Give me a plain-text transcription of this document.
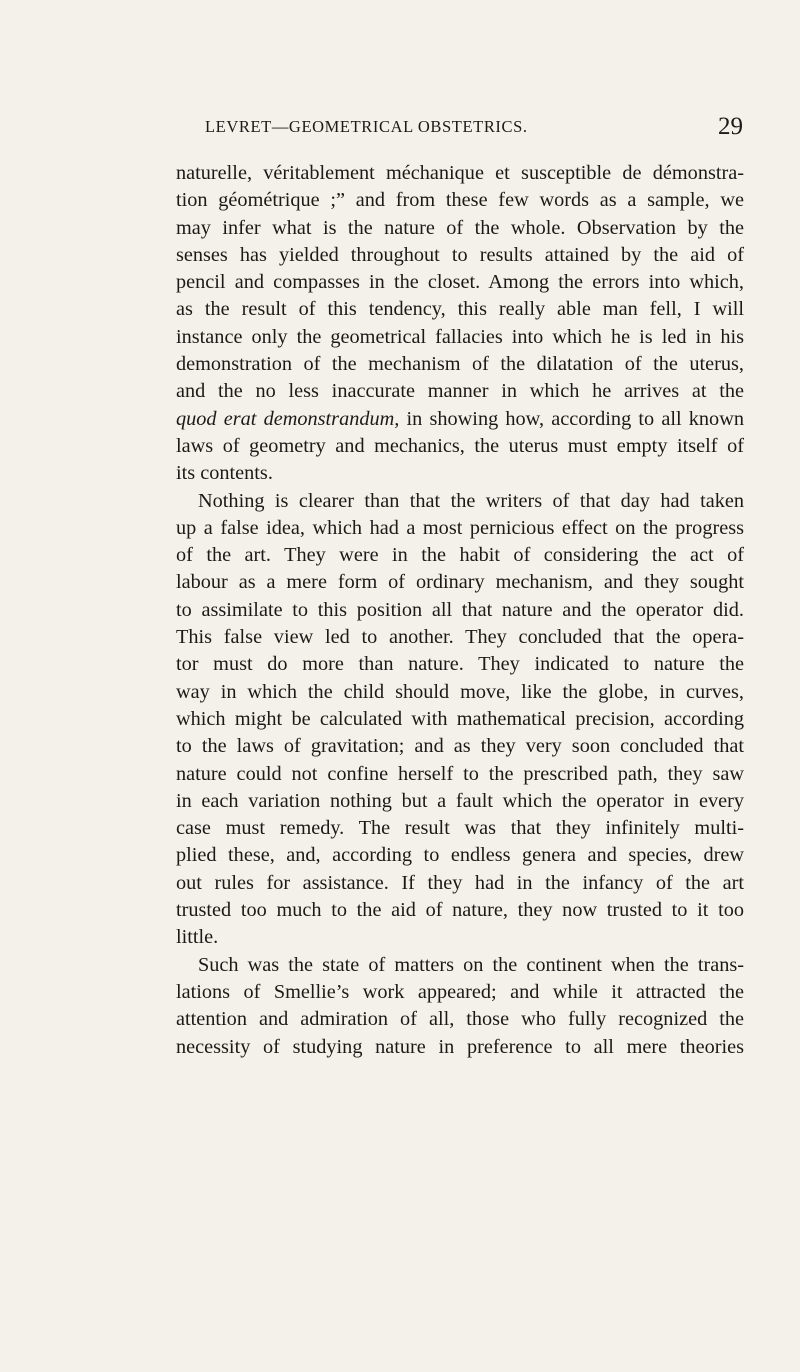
LEVRET—GEOMETRICAL OBSTETRICS.	29
naturelle, véritablement méchanique et susceptible de démonstra-
tion géométrique ;” and from these few words as a sample, we
may infer what is the nature of the whole. Observation by the
senses has yielded throughout to results attained by the aid of
pencil and compasses in the closet. Among the errors into which,
as the result of this tendency, this really able man fell, I will
instance only the geometrical fallacies into which he is led in his
demonstration of the mechanism of the dilatation of the uterus,
and the no less inaccurate manner in which he arrives at the
quod erat demonstrandum, in showing how, according to all known
laws of geometry and mechanics, the uterus must empty itself of
its contents.
Nothing is clearer than that the writers of that day had taken
up a false idea, which had a most pernicious effect on the progress
of the art. They were in the habit of considering the act of
labour as a mere form of ordinary mechanism, and they sought
to assimilate to this position all that nature and the operator did.
This false view led to another. They concluded that the opera-
tor must do more than nature. They indicated to nature the
way in which the child should move, like the globe, in curves,
which might be calculated with mathematical precision, according
to the laws of gravitation; and as they very soon concluded that
nature could not confine herself to the prescribed path, they saw
in each variation nothing but a fault which the operator in every
case must remedy. The result was that they infinitely multi-
plied these, and, according to endless genera and species, drew
out rules for assistance. If they had in the infancy of the art
trusted too much to the aid of nature, they now trusted to it too
little.
Such was the state of matters on the continent when the trans-
lations of Smellie’s work appeared; and while it attracted the
attention and admiration of all, those who fully recognized the
necessity of studying nature in preference to all mere theories
